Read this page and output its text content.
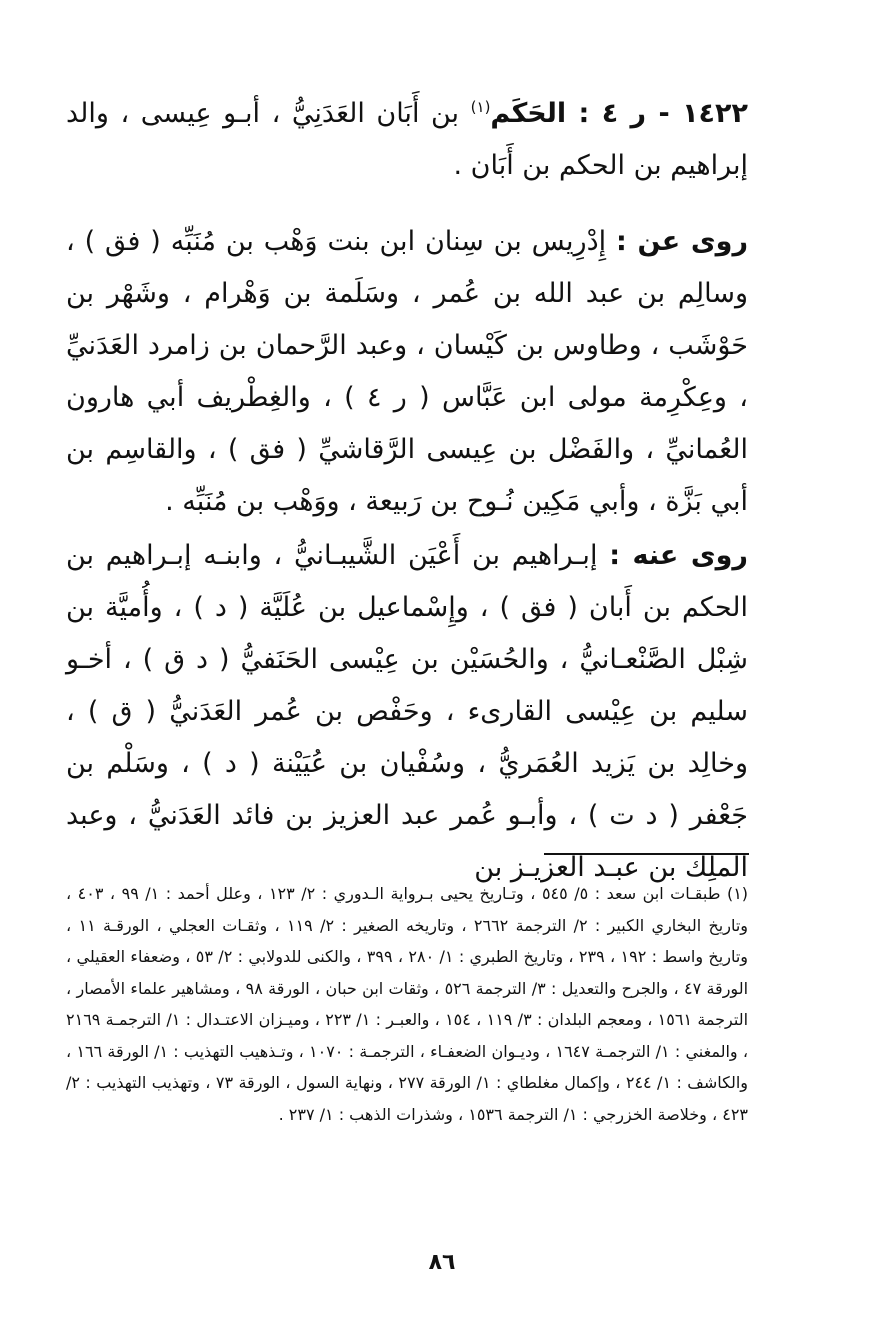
١٤٢٢ - ر ٤ : الحَكَم$^{(١)}$ بن أَبَان العَدَنِيُّ ، أبـو عِيسى ، والد إبراهيم بن الحكم بن أَبَان .
روى عن : إِدْرِيس بن سِنان ابن بنت وَهْب بن مُنَبِّه ( فق ) ، وسالِم بن عبد الله بن عُمر ، وسَلَمة بن وَهْرام ، وشَهْر بن حَوْشَب ، وطاوس بن كَيْسان ، وعبد الرَّحمان بن زامرد العَدَنيِّ ، وعِكْرِمة مولى ابن عَبَّاس ( ر ٤ ) ، والغِطْريف أبي هارون العُمانيِّ ، والفَضْل بن عِيسى الرَّقاشيِّ ( فق ) ، والقاسِم بن أبي بَزَّة ، وأبي مَكِين نُـوح بن رَبيعة ، ووَهْب بن مُنَبِّه .
روى عنه : إبـراهيم بن أَعْيَن الشَّيبـانيُّ ، وابنـه إبـراهيم بن الحكم بن أَبان ( فق ) ، وإِسْماعيل بن عُلَيَّة ( د ) ، وأُميَّة بن شِبْل الصَّنْعـانيُّ ، والحُسَيْن بن عِيْسى الحَنَفيُّ ( د ق ) ، أخـو سليم بن عِيْسى القارىء ، وحَفْص بن عُمر العَدَنيُّ ( ق ) ، وخالِد بن يَزيد العُمَريُّ ، وسُفْيان بن عُيَيْنة ( د ) ، وسَلْم بن جَعْفر ( د ت ) ، وأبـو عُمر عبد العزيز بن فائد العَدَنيُّ ، وعبد الملِك بن عبـد العزيـز بن
(١) طبقـات ابن سعد : ٥/ ٥٤٥ ، وتـاريخ يحيى بـرواية الـدوري : ٢/ ١٢٣ ، وعلل أحمد : ١/ ٩٩ ، ٤٠٣ ، وتاريخ البخاري الكبير : ٢/ الترجمة ٢٦٦٢ ، وتاريخه الصغير : ٢/ ١١٩ ، وثقـات العجلي ، الورقـة ١١ ، وتاريخ واسط : ١٩٢ ، ٢٣٩ ، وتاريخ الطبري : ١/ ٢٨٠ ، ٣٩٩ ، والكنى للدولابي : ٢/ ٥٣ ، وضعفاء العقيلي ، الورقة ٤٧ ، والجرح والتعديل : ٣/ الترجمة ٥٢٦ ، وثقات ابن حبان ، الورقة ٩٨ ، ومشاهير علماء الأمصار ، الترجمة ١٥٦١ ، ومعجم البلدان : ٣/ ١١٩ ، ١٥٤ ، والعبـر : ١/ ٢٢٣ ، وميـزان الاعتـدال : ١/ الترجمـة ٢١٦٩ ، والمغني : ١/ الترجمـة ١٦٤٧ ، وديـوان الضعفـاء ، الترجمـة : ١٠٧٠ ، وتـذهيب التهذيب : ١/ الورقة ١٦٦ ، والكاشف : ١/ ٢٤٤ ، وإكمال مغلطاي : ١/ الورقة ٢٧٧ ، ونهاية السول ، الورقة ٧٣ ، وتهذيب التهذيب : ٢/ ٤٢٣ ، وخلاصة الخزرجي : ١/ الترجمة ١٥٣٦ ، وشذرات الذهب : ١/ ٢٣٧ .
٨٦
